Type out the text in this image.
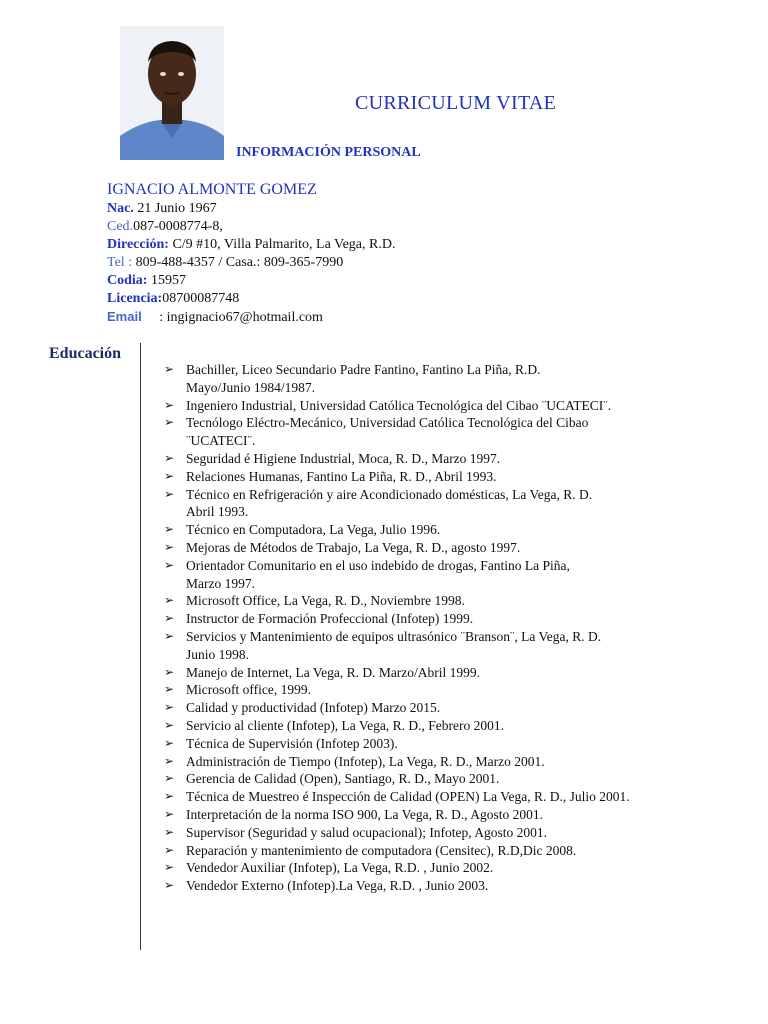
CURRICULUM VITAE
INFORMACIÓN PERSONAL
IGNACIO ALMONTE GOMEZ
Nac. 21 Junio 1967
Ced.087-0008774-8,
Dirección: C/9 #10, Villa Palmarito, La Vega, R.D.
Tel : 809-488-4357 / Casa.: 809-365-7990
Codia: 15957
Licencia:08700087748
Email     : ingignacio67@hotmail.com
Educación
➢ Bachiller, Liceo Secundario Padre Fantino, Fantino La Piña, R.D.
Mayo/Junio 1984/1987.
➢ Ingeniero Industrial, Universidad Católica Tecnológica del Cibao ¨UCATECI¨.
➢ Tecnólogo Eléctro-Mecánico, Universidad Católica Tecnológica del Cibao
¨UCATECI¨.
➢ Seguridad é Higiene Industrial, Moca, R. D., Marzo 1997.
➢ Relaciones Humanas, Fantino La Piña, R. D., Abril 1993.
➢ Técnico en Refrigeración y aire Acondicionado domésticas, La Vega, R. D.
Abril 1993.
➢ Técnico en Computadora, La Vega, Julio 1996.
➢ Mejoras de Métodos de Trabajo, La Vega, R. D., agosto 1997.
➢ Orientador Comunitario en el uso indebido de drogas, Fantino La Piña,
Marzo 1997.
➢ Microsoft Office, La Vega, R. D., Noviembre 1998.
➢ Instructor de Formación Profeccional (Infotep) 1999.
➢ Servicios y Mantenimiento de equipos ultrasónico ¨Branson¨, La Vega, R. D.
Junio 1998.
➢ Manejo de Internet, La Vega, R. D. Marzo/Abril 1999.
➢ Microsoft office, 1999.
➢ Calidad y productividad (Infotep) Marzo 2015.
➢ Servicio al cliente (Infotep), La Vega, R. D., Febrero 2001.
➢ Técnica de Supervisión (Infotep 2003).
➢ Administración de Tiempo (Infotep), La Vega, R. D., Marzo 2001.
➢ Gerencia de Calidad (Open), Santiago, R. D., Mayo 2001.
➢ Técnica de Muestreo é Inspección de Calidad (OPEN) La Vega, R. D., Julio 2001.
➢ Interpretación de la norma ISO 900, La Vega, R. D., Agosto 2001.
➢ Supervisor (Seguridad y salud ocupacional); Infotep, Agosto 2001.
➢ Reparación y mantenimiento de computadora (Censitec), R.D,Dic 2008.
➢ Vendedor Auxiliar (Infotep), La Vega, R.D. , Junio 2002.
➢ Vendedor Externo (Infotep).La Vega, R.D. , Junio 2003.
